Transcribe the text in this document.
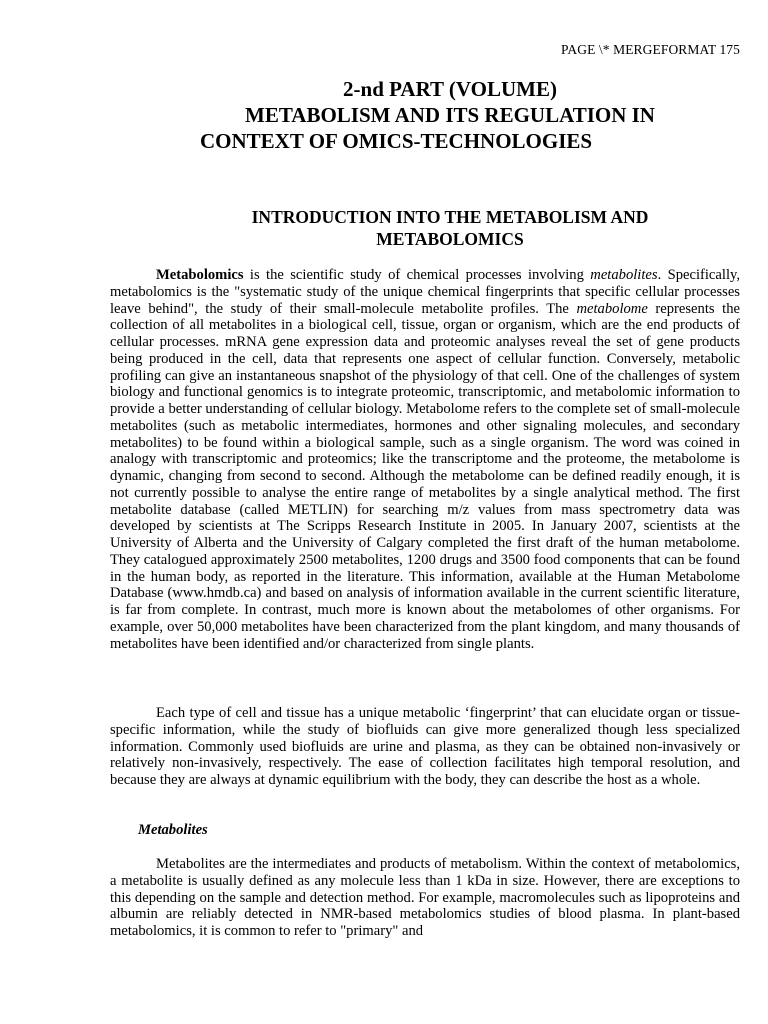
PAGE \* MERGEFORMAT 175
2-nd PART (VOLUME)
METABOLISM AND ITS REGULATION IN
CONTEXT OF OMICS-TECHNOLOGIES
INTRODUCTION INTO THE METABOLISM AND
METABOLOMICS

Metabolomics is the scientific study of chemical processes involving metabolites. Specifically, metabolomics is the "systematic study of the unique chemical fingerprints that specific cellular processes leave behind", the study of their small-molecule metabolite profiles. The metabolome represents the collection of all metabolites in a biological cell, tissue, organ or organism, which are the end products of cellular processes. mRNA gene expression data and proteomic analyses reveal the set of gene products being produced in the cell, data that represents one aspect of cellular function. Conversely, metabolic profiling can give an instantaneous snapshot of the physiology of that cell. One of the challenges of system biology and functional genomics is to integrate proteomic, transcriptomic, and metabolomic information to provide a better understanding of cellular biology. Metabolome refers to the complete set of small-molecule metabolites (such as metabolic intermediates, hormones and other signaling molecules, and secondary metabolites) to be found within a biological sample, such as a single organism. The word was coined in analogy with transcriptomic and proteomics; like the transcriptome and the proteome, the metabolome is dynamic, changing from second to second. Although the metabolome can be defined readily enough, it is not currently possible to analyse the entire range of metabolites by a single analytical method. The first metabolite database (called METLIN) for searching m/z values from mass spectrometry data was developed by scientists at The Scripps Research Institute in 2005. In January 2007, scientists at the University of Alberta and the University of Calgary completed the first draft of the human metabolome. They catalogued approximately 2500 metabolites, 1200 drugs and 3500 food components that can be found in the human body, as reported in the literature. This information, available at the Human Metabolome Database (www.hmdb.ca) and based on analysis of information available in the current scientific literature, is far from complete. In contrast, much more is known about the metabolomes of other organisms. For example, over 50,000 metabolites have been characterized from the plant kingdom, and many thousands of metabolites have been identified and/or characterized from single plants.

Each type of cell and tissue has a unique metabolic ‘fingerprint’ that can elucidate organ or tissue-specific information, while the study of biofluids can give more generalized though less specialized information. Commonly used biofluids are urine and plasma, as they can be obtained non-invasively or relatively non-invasively, respectively. The ease of collection facilitates high temporal resolution, and because they are always at dynamic equilibrium with the body, they can describe the host as a whole.

Metabolites

Metabolites are the intermediates and products of metabolism. Within the context of metabolomics, a metabolite is usually defined as any molecule less than 1 kDa in size. However, there are exceptions to this depending on the sample and detection method. For example, macromolecules such as lipoproteins and albumin are reliably detected in NMR-based metabolomics studies of blood plasma. In plant-based metabolomics, it is common to refer to "primary" and
